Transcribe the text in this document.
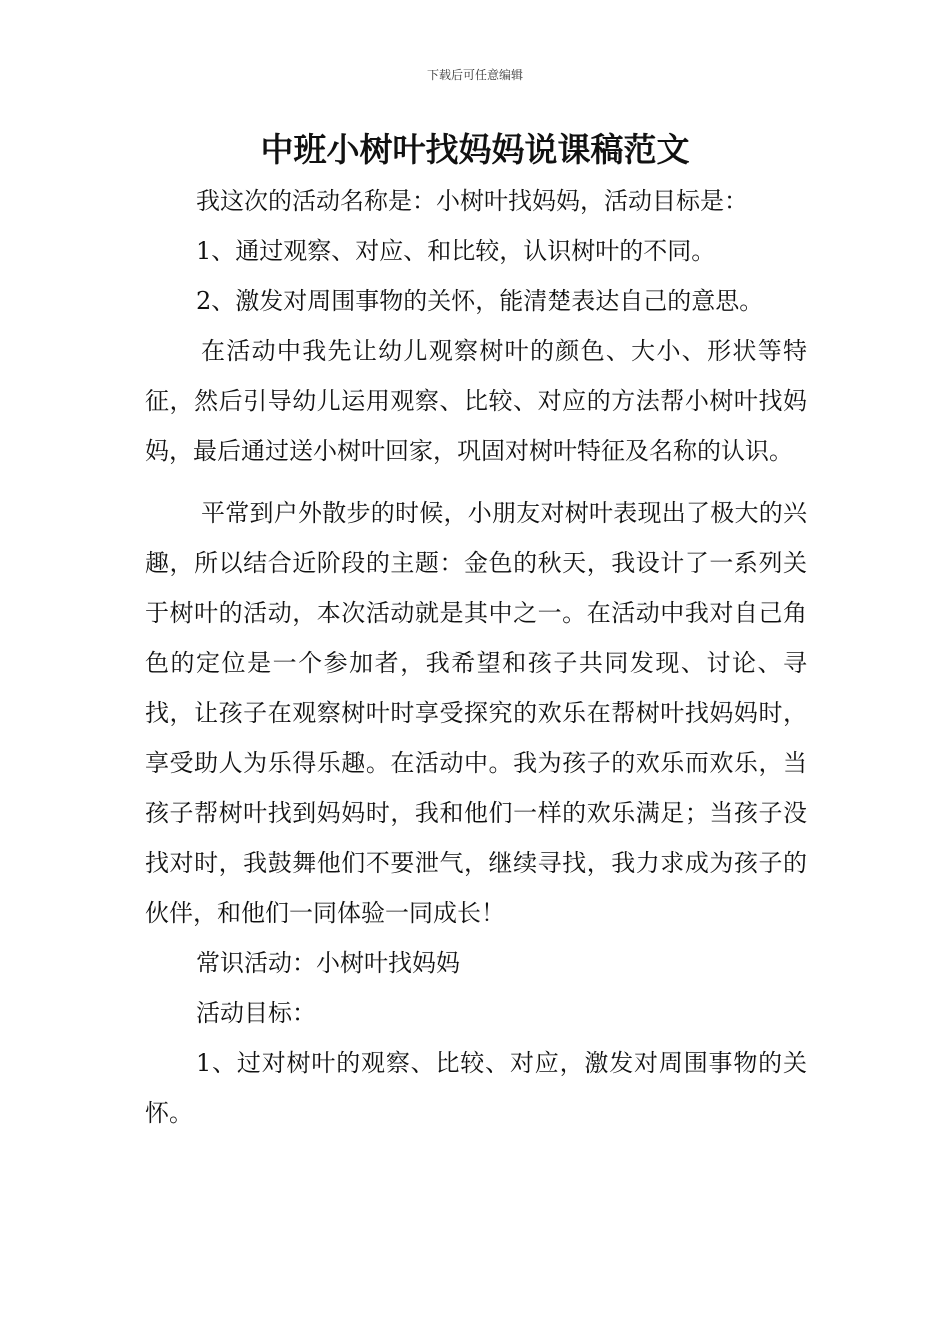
下载后可任意编辑
中班小树叶找妈妈说课稿范文

我这次的活动名称是：小树叶找妈妈，活动目标是：

1、通过观察、对应、和比较，认识树叶的不同。

2、激发对周围事物的关怀，能清楚表达自己的意思。

在活动中我先让幼儿观察树叶的颜色、大小、形状等特征，然后引导幼儿运用观察、比较、对应的方法帮小树叶找妈妈，最后通过送小树叶回家，巩固对树叶特征及名称的认识。

平常到户外散步的时候，小朋友对树叶表现出了极大的兴趣，所以结合近阶段的主题：金色的秋天，我设计了一系列关于树叶的活动，本次活动就是其中之一。在活动中我对自己角色的定位是一个参加者，我希望和孩子共同发现、讨论、寻找，让孩子在观察树叶时享受探究的欢乐在帮树叶找妈妈时，享受助人为乐得乐趣。在活动中。我为孩子的欢乐而欢乐，当孩子帮树叶找到妈妈时，我和他们一样的欢乐满足；当孩子没找对时，我鼓舞他们不要泄气，继续寻找，我力求成为孩子的伙伴，和他们一同体验一同成长！

常识活动：小树叶找妈妈

活动目标：

1、过对树叶的观察、比较、对应，激发对周围事物的关怀。
